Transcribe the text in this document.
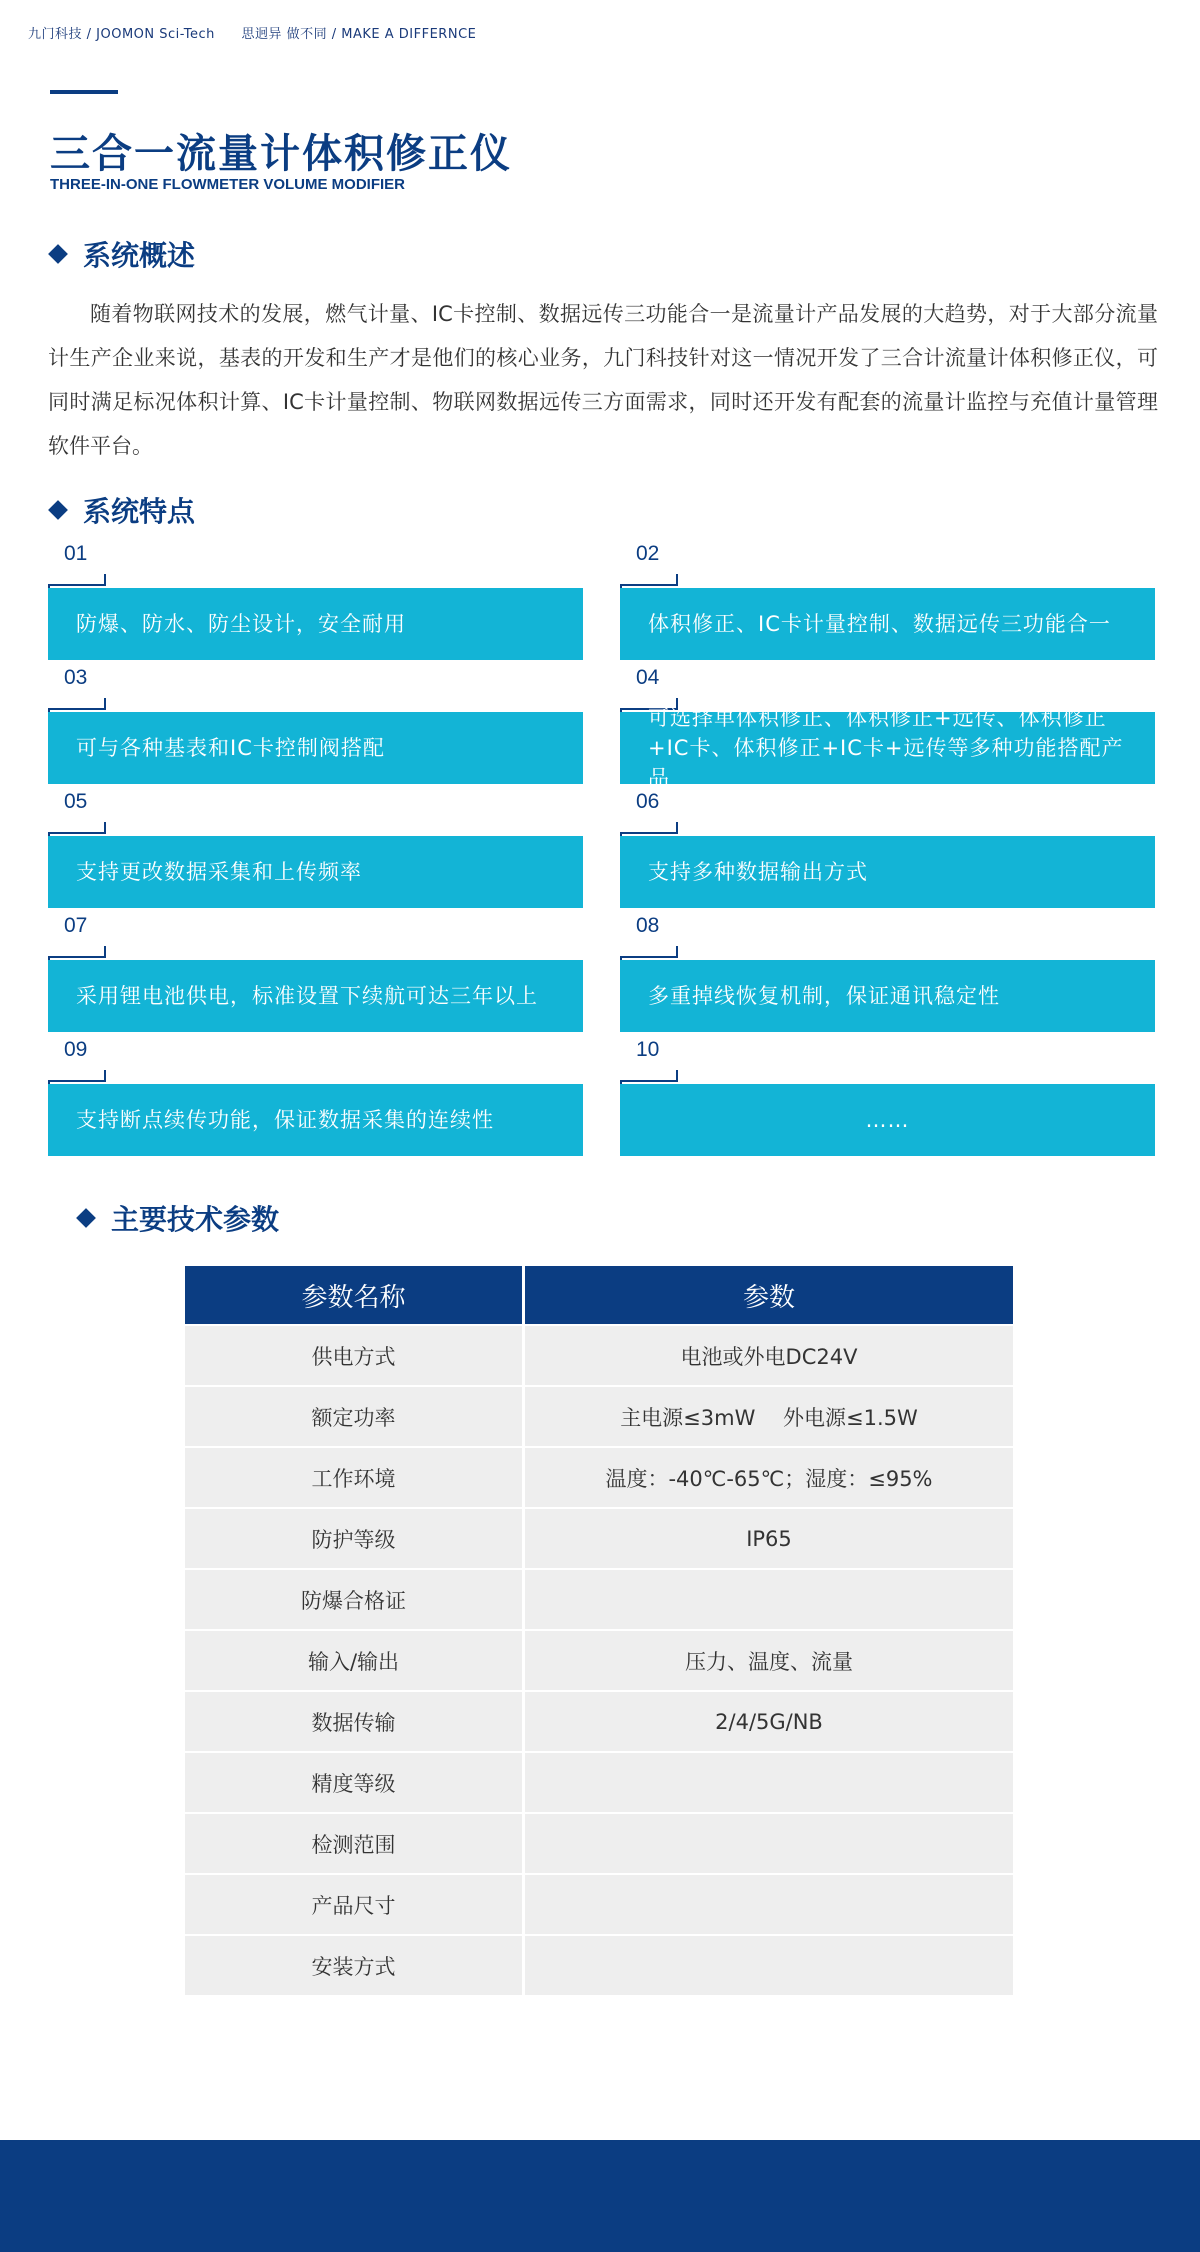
九门科技 / JOOMON Sci-Tech 思迥异 做不同 / MAKE A DIFFERNCE
三合一流量计体积修正仪
THREE-IN-ONE FLOWMETER VOLUME MODIFIER
系统概述

随着物联网技术的发展，燃气计量、IC卡控制、数据远传三功能合一是流量计产品发展的大趋势，对于大部分流量计生产企业来说，基表的开发和生产才是他们的核心业务，九门科技针对这一情况开发了三合计流量计体积修正仪，可同时满足标况体积计算、IC卡计量控制、物联网数据远传三方面需求，同时还开发有配套的流量计监控与充值计量管理软件平台。

系统特点
01
防爆、防水、防尘设计，安全耐用
02
体积修正、IC卡计量控制、数据远传三功能合一
03
可与各种基表和IC卡控制阀搭配
04
可选择单体积修正、体积修正+远传、体积修正+IC卡、体积修正+IC卡+远传等多种功能搭配产品
05
支持更改数据采集和上传频率
06
支持多种数据输出方式
07
采用锂电池供电，标准设置下续航可达三年以上
08
多重掉线恢复机制，保证通讯稳定性
09
支持断点续传功能，保证数据采集的连续性
10
……
主要技术参数
参数名称	参数
供电方式	电池或外电DC24V
额定功率	主电源≤3mW　 外电源≤1.5W
工作环境	温度：-40℃-65℃；湿度：≤95%
防护等级	IP65
防爆合格证	
输入/输出	压力、温度、流量
数据传输	2/4/5G/NB
精度等级	
检测范围	
产品尺寸	
安装方式	
